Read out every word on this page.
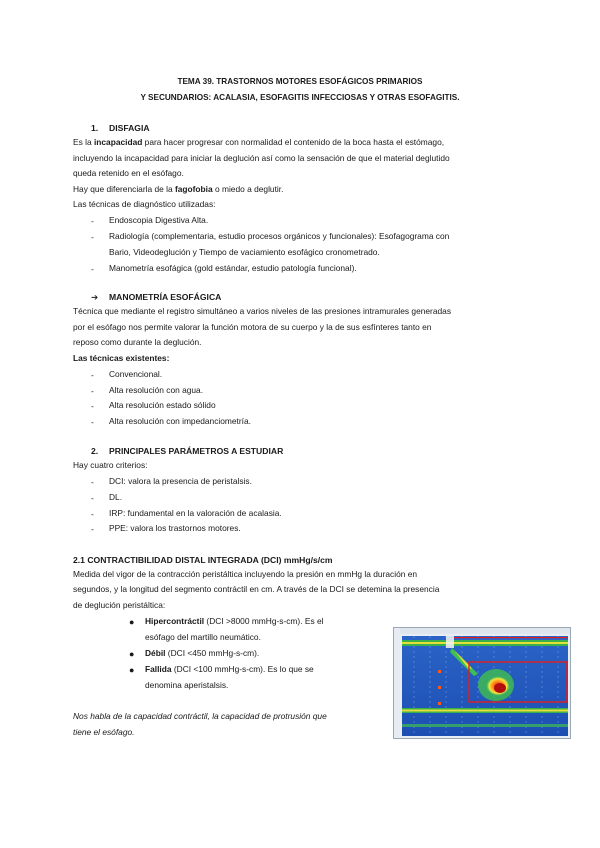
TEMA 39. TRASTORNOS MOTORES ESOFÁGICOS PRIMARIOS
Y SECUNDARIOS: ACALASIA, ESOFAGITIS INFECCIOSAS Y OTRAS ESOFAGITIS.
1. DISFAGIA
Es la incapacidad para hacer progresar con normalidad el contenido de la boca hasta el estómago,
incluyendo la incapacidad para iniciar la deglución así como la sensación de que el material deglutido
queda retenido en el esófago.
Hay que diferenciarla de la fagofobia o miedo a deglutir.
Las técnicas de diagnóstico utilizadas:
- Endoscopia Digestiva Alta.
- Radiología (complementaria, estudio procesos orgánicos y funcionales): Esofagograma con
Bario, Videodeglución y Tiempo de vaciamiento esofágico cronometrado.
- Manometría esofágica (gold estándar, estudio patología funcional).
➔ MANOMETRÍA ESOFÁGICA
Técnica que mediante el registro simultáneo a varios niveles de las presiones intramurales generadas
por el esófago nos permite valorar la función motora de su cuerpo y la de sus esfínteres tanto en
reposo como durante la deglución.
Las técnicas existentes:
- Convencional.
- Alta resolución con agua.
- Alta resolución estado sólido
- Alta resolución con impedanciometría.
2. PRINCIPALES PARÁMETROS A ESTUDIAR
Hay cuatro criterios:
- DCI: valora la presencia de peristalsis.
- DL.
- IRP: fundamental en la valoración de acalasia.
- PPE: valora los trastornos motores.
2.1 CONTRACTIBILIDAD DISTAL INTEGRADA (DCI) mmHg/s/cm
Medida del vigor de la contracción peristáltica incluyendo la presión en mmHg la duración en
segundos, y la longitud del segmento contráctil en cm. A través de la DCI se detemina la presencia
de deglución peristáltica:
● Hipercontráctil (DCI >8000 mmHg-s-cm). Es el
esófago del martillo neumático.
● Débil (DCI <450 mmHg-s-cm).
● Fallida (DCI <100 mmHg-s-cm). Es lo que se
denomina aperistalsis.
Nos habla de la capacidad contráctil, la capacidad de protrusión que
tiene el esófago.
